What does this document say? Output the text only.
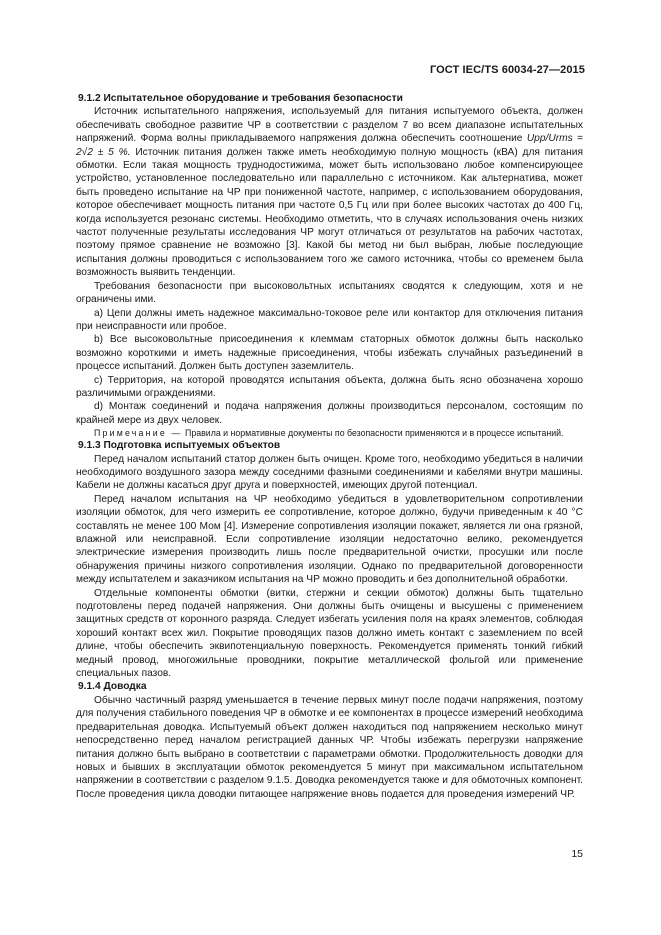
ГОСТ IEC/TS 60034-27—2015
9.1.2 Испытательное оборудование и требования безопасности

Источник испытательного напряжения, используемый для питания испытуемого объекта, должен обеспечивать свободное развитие ЧР в соответствии с разделом 7 во всем диапазоне испытательных напряжений. Форма волны прикладываемого напряжения должна обеспечить соотношение Upp/Urms = 2√2 ± 5 %. Источник питания должен также иметь необходимую полную мощность (кВА) для питания обмотки. Если такая мощность труднодостижима, может быть использовано любое компенсирующее устройство, установленное последовательно или параллельно с источником. Как альтернатива, может быть проведено испытание на ЧР при пониженной частоте, например, с использованием оборудования, которое обеспечивает мощность питания при частоте 0,5 Гц или при более высоких частотах до 400 Гц, когда используется резонанс системы. Необходимо отметить, что в случаях использования очень низких частот полученные результаты исследования ЧР могут отличаться от результатов на рабочих частотах, поэтому прямое сравнение не возможно [3]. Какой бы метод ни был выбран, любые последующие испытания должны проводиться с использованием того же самого источника, чтобы со временем была возможность выявить тенденции.

Требования безопасности при высоковольтных испытаниях сводятся к следующим, хотя и не ограничены ими.

а) Цепи должны иметь надежное максимально-токовое реле или контактор для отключения питания при неисправности или пробое.

b) Все высоковольтные присоединения к клеммам статорных обмоток должны быть насколько возможно короткими и иметь надежные присоединения, чтобы избежать случайных разъединений в процессе испытаний. Должен быть доступен заземлитель.

с) Территория, на которой проводятся испытания объекта, должна быть ясно обозначена хорошо различимыми ограждениями.

d) Монтаж соединений и подача напряжения должны производиться персоналом, состоящим по крайней мере из двух человек.

Примечание — Правила и нормативные документы по безопасности применяются и в процессе испытаний.

9.1.3 Подготовка испытуемых объектов

Перед началом испытаний статор должен быть очищен. Кроме того, необходимо убедиться в наличии необходимого воздушного зазора между соседними фазными соединениями и кабелями внутри машины. Кабели не должны касаться друг друга и поверхностей, имеющих другой потенциал.

Перед началом испытания на ЧР необходимо убедиться в удовлетворительном сопротивлении изоляции обмоток, для чего измерить ее сопротивление, которое должно, будучи приведенным к 40 °С составлять не менее 100 Мом [4]. Измерение сопротивления изоляции покажет, является ли она грязной, влажной или неисправной. Если сопротивление изоляции недостаточно велико, рекомендуется электрические измерения производить лишь после предварительной очистки, просушки или после обнаружения причины низкого сопротивления изоляции. Однако по предварительной договоренности между испытателем и заказчиком испытания на ЧР можно проводить и без дополнительной обработки.

Отдельные компоненты обмотки (витки, стержни и секции обмоток) должны быть тщательно подготовлены перед подачей напряжения. Они должны быть очищены и высушены с применением защитных средств от коронного разряда. Следует избегать усиления поля на краях элементов, соблюдая хороший контакт всех жил. Покрытие проводящих пазов должно иметь контакт с заземлением по всей длине, чтобы обеспечить эквипотенциальную поверхность. Рекомендуется применять тонкий гибкий медный провод, многожильные проводники, покрытие металлической фольгой или применение специальных пазов.

9.1.4 Доводка

Обычно частичный разряд уменьшается в течение первых минут после подачи напряжения, поэтому для получения стабильного поведения ЧР в обмотке и ее компонентах в процессе измерений необходима предварительная доводка. Испытуемый объект должен находиться под напряжением несколько минут непосредственно перед началом регистрацией данных ЧР. Чтобы избежать перегрузки напряжение питания должно быть выбрано в соответствии с параметрами обмотки. Продолжительность доводки для новых и бывших в эксплуатации обмоток рекомендуется 5 минут при максимальном испытательном напряжении в соответствии с разделом 9.1.5. Доводка рекомендуется также и для обмоточных компонент. После проведения цикла доводки питающее напряжение вновь подается для проведения измерений ЧР.

15
